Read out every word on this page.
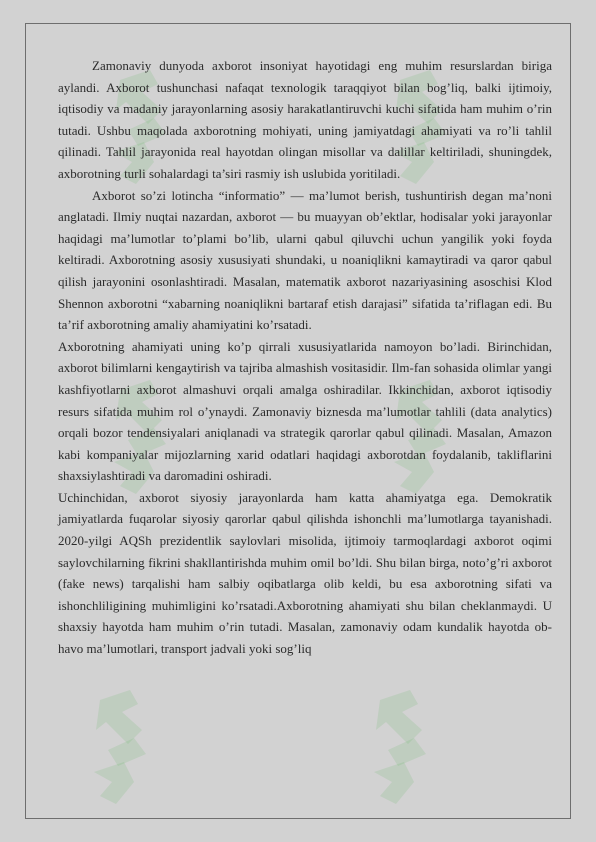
Zamonaviy dunyoda axborot insoniyat hayotidagi eng muhim resurslardan biriga aylandi. Axborot tushunchasi nafaqat texnologik taraqqiyot bilan bog’liq, balki ijtimoiy, iqtisodiy va madaniy jarayonlarning asosiy harakatlantiruvchi kuchi sifatida ham muhim o’rin tutadi. Ushbu maqolada axborotning mohiyati, uning jamiyatdagi ahamiyati va ro’li tahlil qilinadi. Tahlil jarayonida real hayotdan olingan misollar va dalillar keltiriladi, shuningdek, axborotning turli sohalardagi ta’siri rasmiy ish uslubida yoritiladi.

Axborot so’zi lotincha “informatio” — ma’lumot berish, tushuntirish degan ma’noni anglatadi. Ilmiy nuqtai nazardan, axborot — bu muayyan ob’ektlar, hodisalar yoki jarayonlar haqidagi ma’lumotlar to’plami bo’lib, ularni qabul qiluvchi uchun yangilik yoki foyda keltiradi. Axborotning asosiy xususiyati shundaki, u noaniqlikni kamaytiradi va qaror qabul qilish jarayonini osonlashtiradi. Masalan, matematik axborot nazariyasining asoschisi Klod Shennon axborotni “xabarning noaniqlikni bartaraf etish darajasi” sifatida ta’riflagan edi. Bu ta’rif axborotning amaliy ahamiyatini ko’rsatadi.

Axborotning ahamiyati uning ko’p qirrali xususiyatlarida namoyon bo’ladi. Birinchidan, axborot bilimlarni kengaytirish va tajriba almashish vositasidir. Ilm-fan sohasida olimlar yangi kashfiyotlarni axborot almashuvi orqali amalga oshiradilar. Ikkinchidan, axborot iqtisodiy resurs sifatida muhim rol o’ynaydi. Zamonaviy biznesda ma’lumotlar tahlili (data analytics) orqali bozor tendensiyalari aniqlanadi va strategik qarorlar qabul qilinadi. Masalan, Amazon kabi kompaniyalar mijozlarning xarid odatlari haqidagi axborotdan foydalanib, takliflarini shaxsiylashtiradi va daromadini oshiradi.

Uchinchidan, axborot siyosiy jarayonlarda ham katta ahamiyatga ega. Demokratik jamiyatlarda fuqarolar siyosiy qarorlar qabul qilishda ishonchli ma’lumotlarga tayanishadi. 2020-yilgi AQSh prezidentlik saylovlari misolida, ijtimoiy tarmoqlardagi axborot oqimi saylovchilarning fikrini shakllantirishda muhim omil bo’ldi. Shu bilan birga, noto’g’ri axborot (fake news) tarqalishi ham salbiy oqibatlarga olib keldi, bu esa axborotning sifati va ishonchliligining muhimligini ko’rsatadi.Axborotning ahamiyati shu bilan cheklanmaydi. U shaxsiy hayotda ham muhim o’rin tutadi. Masalan, zamonaviy odam kundalik hayotda ob-havo ma’lumotlari, transport jadvali yoki sog’liq
